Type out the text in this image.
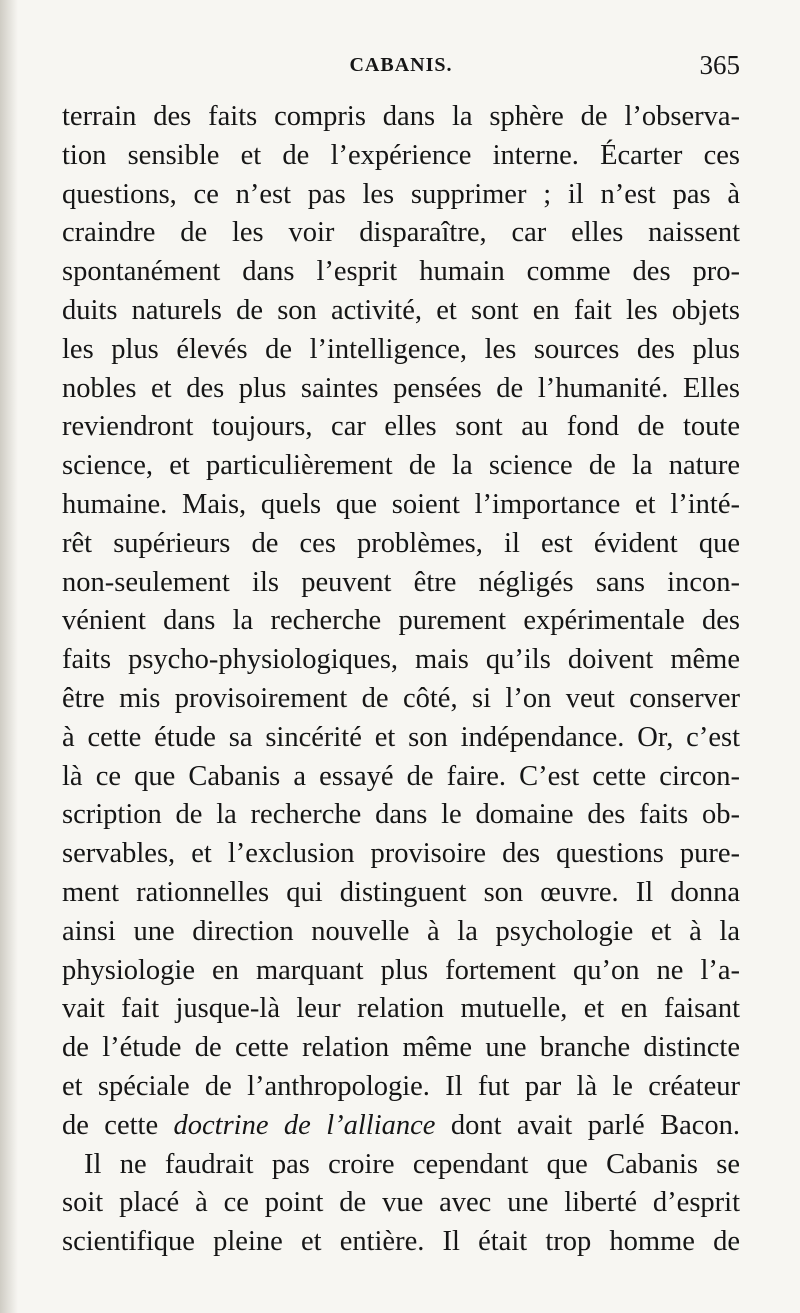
CABANIS.	365
terrain des faits compris dans la sphère de l’observa-
tion sensible et de l’expérience interne. Écarter ces
questions, ce n’est pas les supprimer ; il n’est pas à
craindre de les voir disparaître, car elles naissent
spontanément dans l’esprit humain comme des pro-
duits naturels de son activité, et sont en fait les objets
les plus élevés de l’intelligence, les sources des plus
nobles et des plus saintes pensées de l’humanité. Elles
reviendront toujours, car elles sont au fond de toute
science, et particulièrement de la science de la nature
humaine. Mais, quels que soient l’importance et l’inté-
rêt supérieurs de ces problèmes, il est évident que
non-seulement ils peuvent être négligés sans incon-
vénient dans la recherche purement expérimentale des
faits psycho-physiologiques, mais qu’ils doivent même
être mis provisoirement de côté, si l’on veut conserver
à cette étude sa sincérité et son indépendance. Or, c’est
là ce que Cabanis a essayé de faire. C’est cette circon-
scription de la recherche dans le domaine des faits ob-
servables, et l’exclusion provisoire des questions pure-
ment rationnelles qui distinguent son œuvre. Il donna
ainsi une direction nouvelle à la psychologie et à la
physiologie en marquant plus fortement qu’on ne l’a-
vait fait jusque-là leur relation mutuelle, et en faisant
de l’étude de cette relation même une branche distincte
et spéciale de l’anthropologie. Il fut par là le créateur
de cette doctrine de l’alliance dont avait parlé Bacon.
Il ne faudrait pas croire cependant que Cabanis se
soit placé à ce point de vue avec une liberté d’esprit
scientifique pleine et entière. Il était trop homme de
